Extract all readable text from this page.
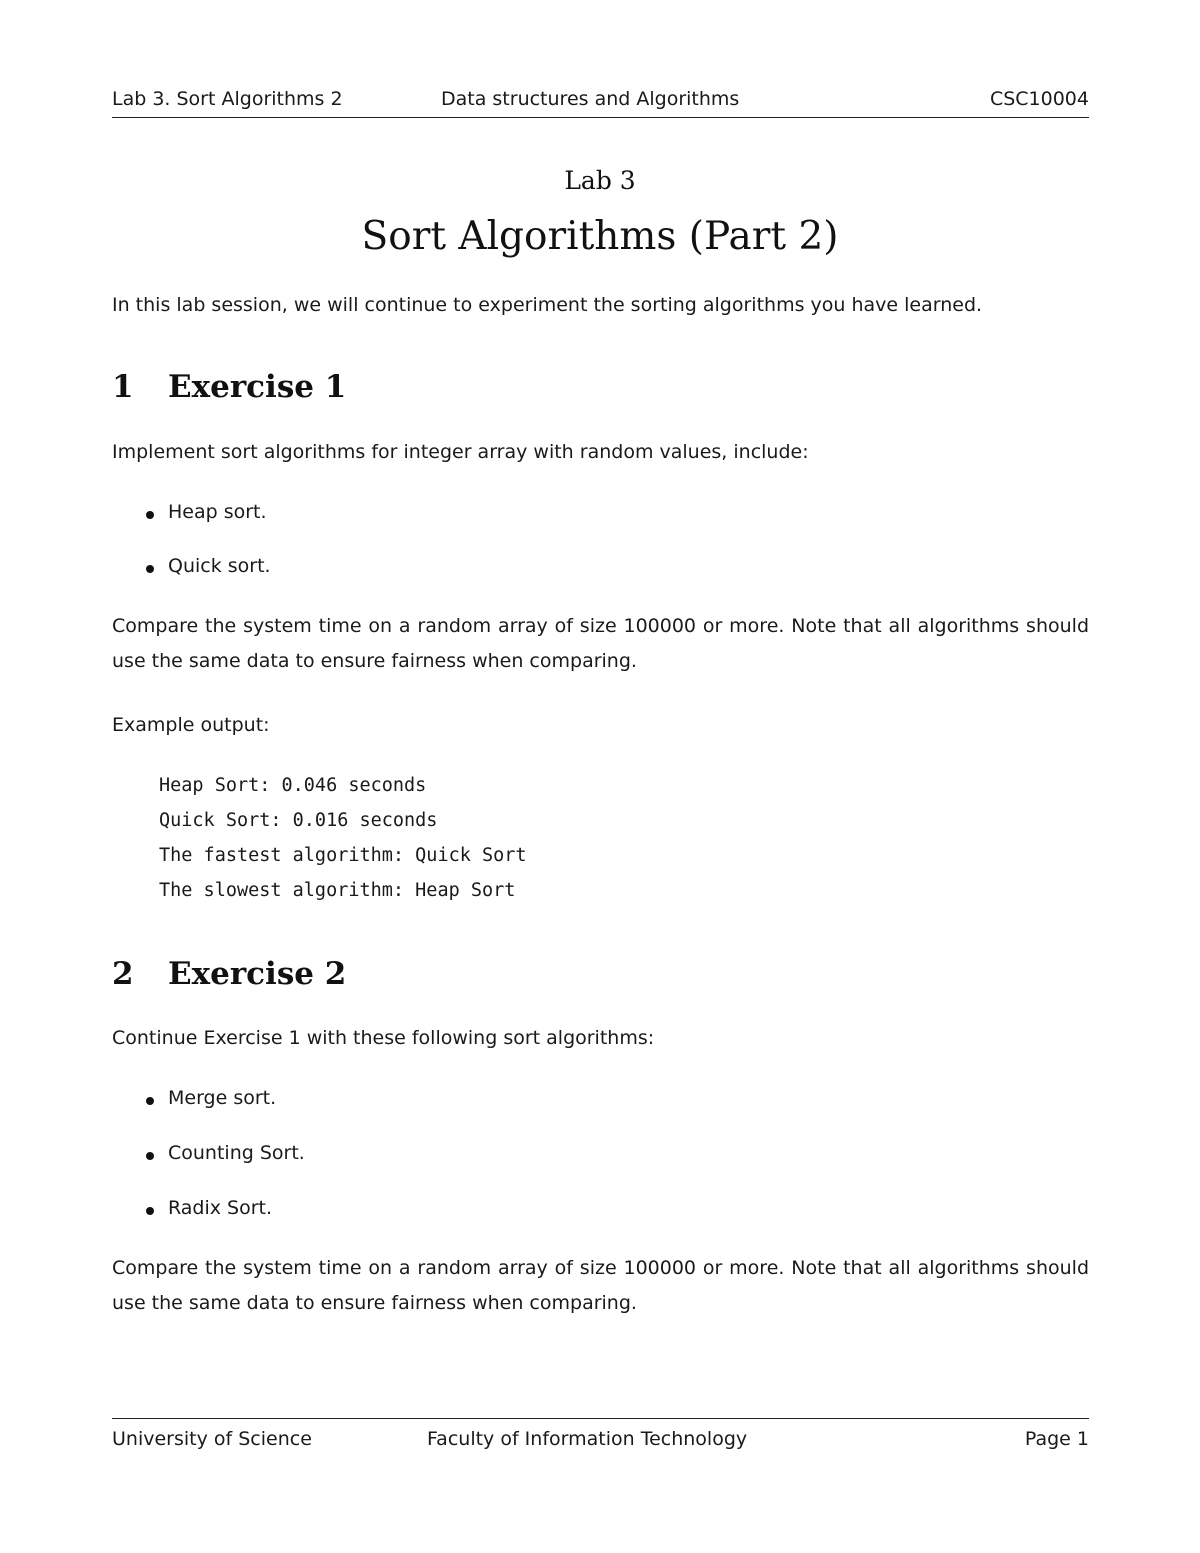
Lab 3. Sort Algorithms 2	Data structures and Algorithms	CSC10004
Lab 3
Sort Algorithms (Part 2)
In this lab session, we will continue to experiment the sorting algorithms you have learned.
1 Exercise 1
Implement sort algorithms for integer array with random values, include:
Heap sort.
Quick sort.
Compare the system time on a random array of size 100000 or more. Note that all algorithms should use the same data to ensure fairness when comparing.
Example output:
Heap Sort: 0.046 seconds
Quick Sort: 0.016 seconds
The fastest algorithm: Quick Sort
The slowest algorithm: Heap Sort
2 Exercise 2
Continue Exercise 1 with these following sort algorithms:
Merge sort.
Counting Sort.
Radix Sort.
Compare the system time on a random array of size 100000 or more. Note that all algorithms should use the same data to ensure fairness when comparing.
University of Science	Faculty of Information Technology	Page 1
